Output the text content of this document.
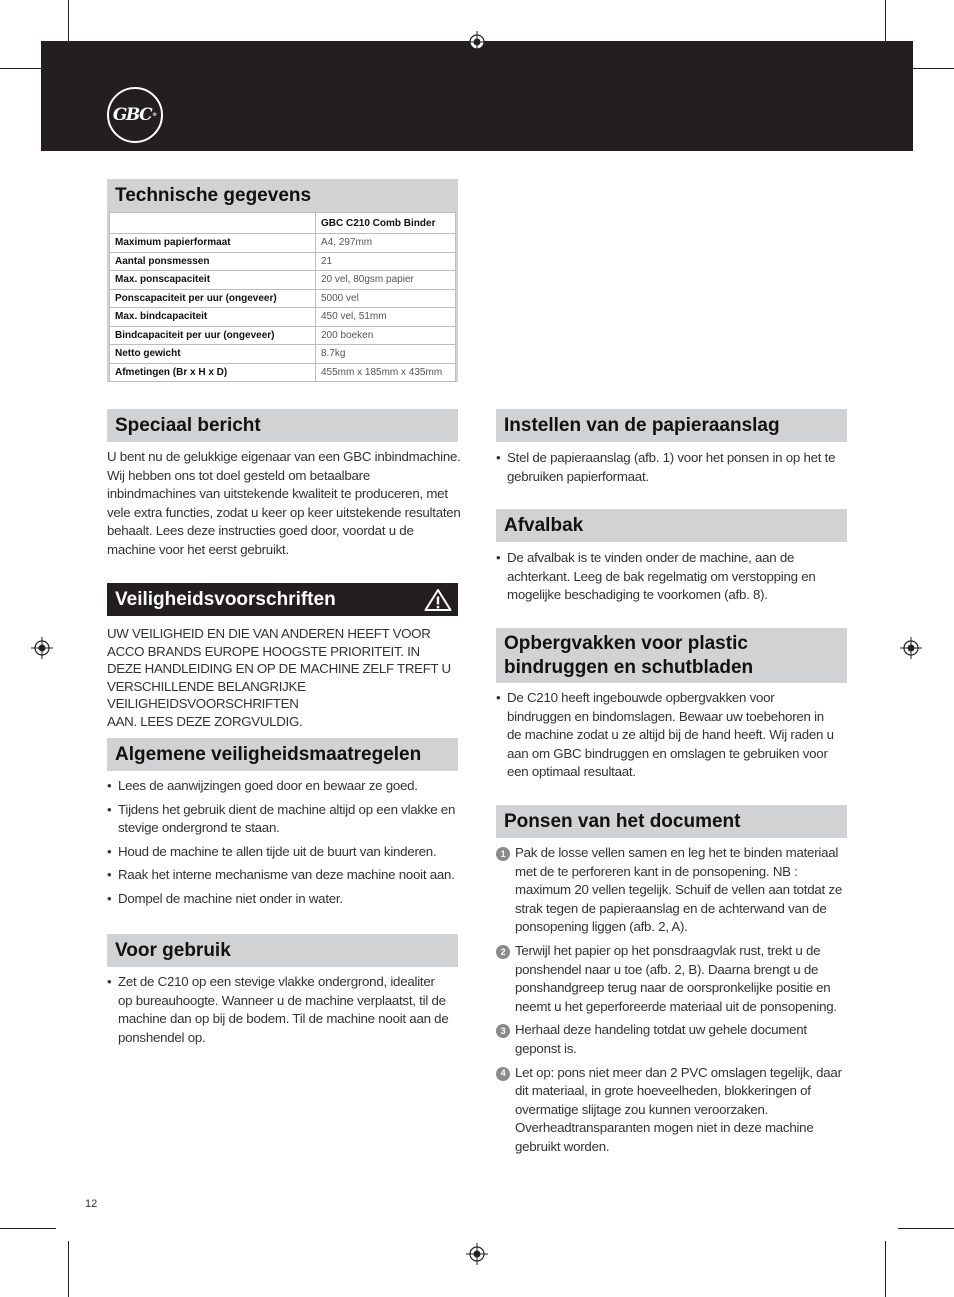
GBC ®
Technische gegevens
	GBC C210 Comb Binder
Maximum papierformaat	A4, 297mm
Aantal ponsmessen	21
Max. ponscapaciteit	20 vel, 80gsm papier
Ponscapaciteit per uur (ongeveer)	5000 vel
Max. bindcapaciteit	450 vel, 51mm
Bindcapaciteit per uur (ongeveer)	200 boeken
Netto gewicht	8.7kg
Afmetingen (Br x H x D)	455mm x 185mm x 435mm
Speciaal bericht

U bent nu de gelukkige eigenaar van een GBC inbindmachine. Wij hebben ons tot doel gesteld om betaalbare inbindmachines van uitstekende kwaliteit te produceren, met vele extra functies, zodat u keer op keer uitstekende resultaten behaalt. Lees deze instructies goed door, voordat u de machine voor het eerst gebruikt.

Veiligheidsvoorschriften
UW VEILIGHEID EN DIE VAN ANDEREN HEEFT VOOR
ACCO BRANDS EUROPE HOOGSTE PRIORITEIT. IN
DEZE HANDLEIDING EN OP DE MACHINE ZELF TREFT U
VERSCHILLENDE BELANGRIJKE VEILIGHEIDSVOORSCHRIFTEN
AAN. LEES DEZE ZORGVULDIG.
Algemene veiligheidsmaatregelen
• Lees de aanwijzingen goed door en bewaar ze goed.
• Tijdens het gebruik dient de machine altijd op een vlakke en stevige ondergrond te staan.
• Houd de machine te allen tijde uit de buurt van kinderen.
• Raak het interne mechanisme van deze machine nooit aan.
• Dompel de machine niet onder in water.
Voor gebruik
• Zet de C210 op een stevige vlakke ondergrond, idealiter op bureauhoogte. Wanneer u de machine verplaatst, til de machine dan op bij de bodem. Til de machine nooit aan de ponshendel op.
Instellen van de papieraanslag
• Stel de papieraanslag (afb. 1) voor het ponsen in op het te gebruiken papierformaat.
Afvalbak
• De afvalbak is te vinden onder de machine, aan de achterkant. Leeg de bak regelmatig om verstopping en mogelijke beschadiging te voorkomen (afb. 8).
Opbergvakken voor plastic
bindruggen en schutbladen
• De C210 heeft ingebouwde opbergvakken voor bindruggen en bindomslagen. Bewaar uw toebehoren in de machine zodat u ze altijd bij de hand heeft. Wij raden u aan om GBC bindruggen en omslagen te gebruiken voor een optimaal resultaat.
Ponsen van het document
1 Pak de losse vellen samen en leg het te binden materiaal met de te perforeren kant in de ponsopening. NB : maximum 20 vellen tegelijk. Schuif de vellen aan totdat ze strak tegen de papieraanslag en de achterwand van de ponsopening liggen (afb. 2, A).
2 Terwijl het papier op het ponsdraagvlak rust, trekt u de ponshendel naar u toe (afb. 2, B). Daarna brengt u de ponshandgreep terug naar de oorspronkelijke positie en neemt u het geperforeerde materiaal uit de ponsopening.
3 Herhaal deze handeling totdat uw gehele document geponst is.
4 Let op: pons niet meer dan 2 PVC omslagen tegelijk, daar dit materiaal, in grote hoeveelheden, blokkeringen of overmatige slijtage zou kunnen veroorzaken. Overheadtransparanten mogen niet in deze machine gebruikt worden.
12
